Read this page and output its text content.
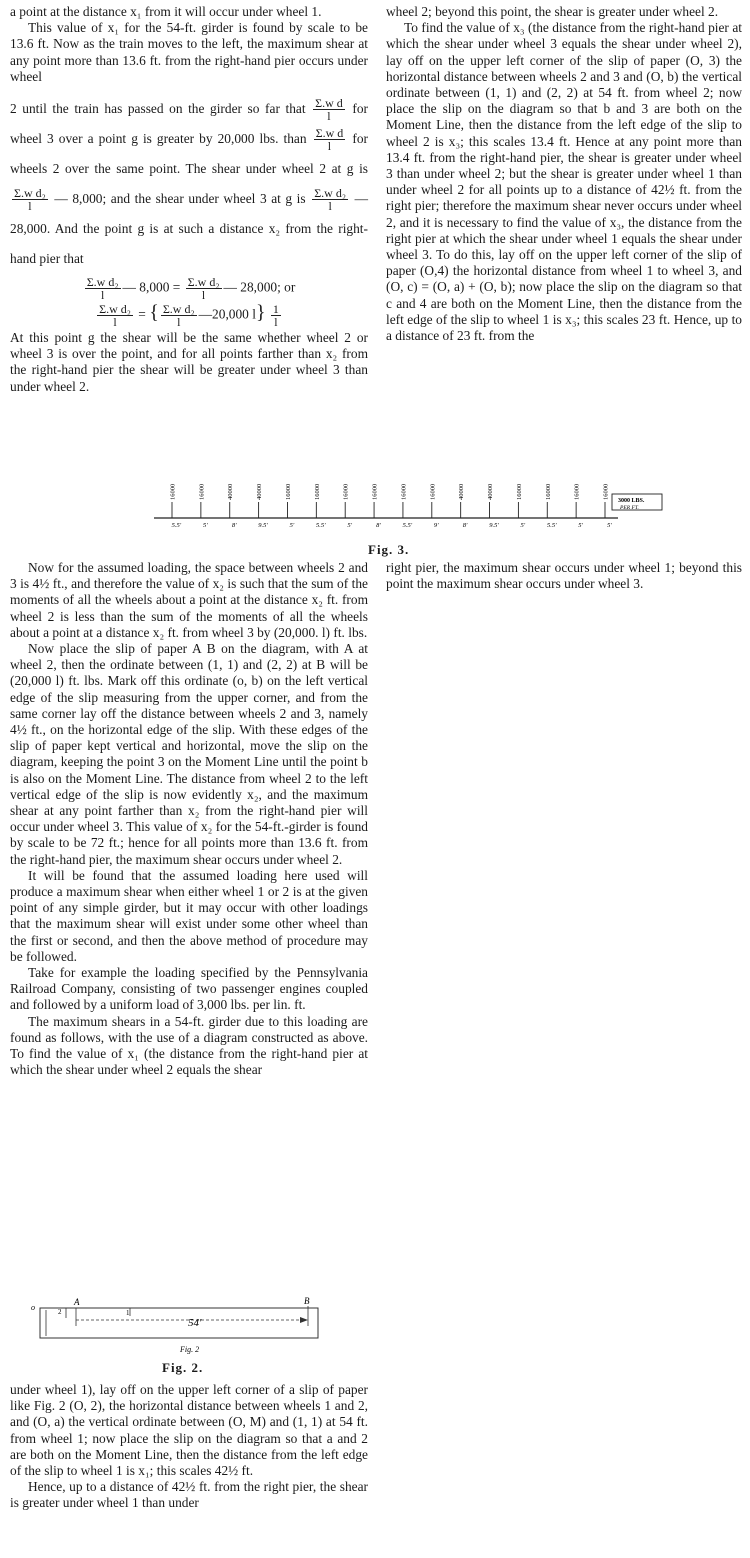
a point at the distance x₁ from it will occur under wheel 1.

This value of x₁ for the 54-ft. girder is found by scale to be 13.6 ft. Now as the train moves to the left, the maximum shear at any point more than 13.6 ft. from the right-hand pier occurs under wheel

2 until the train has passed on the girder so far that $\frac{\text{Σ.w d}}{l}$ for wheel 3 over a point g is greater by 20,000 lbs. than $\frac{\text{Σ.w d}}{l}$ for wheels 2 over the same point. The shear under wheel 2 at g is
$\frac{\text{Σ.w d₂}}{l}$ — 8,000; and the shear under wheel 3 at g is $\frac{\text{Σ.w d₂}}{l}$ — 28,000. And the point g is at such a distance x₂ from the right-hand pier that

$\frac{\text{Σ.w d₂}}{l}$ — $8,000 = \frac{\text{Σ.w d₂}}{l}$ — 28,000; or
$\frac{\text{Σ.w d₂}}{l}$ = { $\frac{\text{Σ.w d₂}}{l}$ —20,000 $l\} \frac{1}{l}$

At this point g the shear will be the same whether wheel 2 or wheel 3 is over the point, and for all points farther than x₂ from the right-hand pier the shear will be greater under wheel 3 than under wheel 2.

wheel 2; beyond this point, the shear is greater under wheel 2.

To find the value of x₃ (the distance from the right-hand pier at which the shear under wheel 3 equals the shear under wheel 2), lay off on the upper left corner of the slip of paper (O, 3) the horizontal distance between wheels 2 and 3 and (O, b) the vertical ordinate between (1, 1) and (2, 2) at 54 ft. from wheel 2; now place the slip on the diagram so that b and 3 are both on the Moment Line, then the distance from the left edge of the slip to wheel 2 is x₃; this scales 13.4 ft. Hence at any point more than 13.4 ft. from the right-hand pier, the shear is greater under wheel 3 than under wheel 2; but the shear is greater under wheel 1 than under wheel 2 for all points up to a distance of 42½ ft. from the right pier; therefore the maximum shear never occurs under wheel 2, and it is necessary to find the value of x₃, the distance from the right pier at which the shear under wheel 1 equals the shear under wheel 3. To do this, lay off on the upper left corner of the slip of paper (O,4) the horizontal distance from wheel 1 to wheel 3, and (O, c) = (O, a) + (O, b); now place the slip on the diagram so that c and 4 are both on the Moment Line, then the distance from the left edge of the slip to wheel 1 is x₃; this scales 23 ft. Hence, up to a distance of 23 ft. from the

16000	16000	40000	40000	16000	16000	16000	16000	16000	16000	40000	40000	16000	16000	16000	16000
5.5'	5'	8'	9.5'	5'	5.5'	5'	8'	5.5'	9'	8'	9.5'	5'	5.5'	5'	5'
3000 LBS.
PER FT.
Fig. 3.

Now for the assumed loading, the space between wheels 2 and 3 is 4½ ft., and therefore the value of x₂ is such that the sum of the moments of all the wheels about a point at the distance x₂ ft. from wheel 2 is less than the sum of the moments of all the wheels about a point at a distance x₂ ft. from wheel 3 by (20,000. l) ft. lbs.

Now place the slip of paper A B on the diagram, with A at wheel 2, then the ordinate between (1, 1) and (2, 2) at B will be (20,000 l) ft. lbs. Mark off this ordinate (o, b) on the left vertical edge of the slip measuring from the upper corner, and from the same corner lay off the distance between wheels 2 and 3, namely 4½ ft., on the horizontal edge of the slip. With these edges of the slip of paper kept vertical and horizontal, move the slip on the diagram, keeping the point 3 on the Moment Line until the point b is also on the Moment Line. The distance from wheel 2 to the left vertical edge of the slip is now evidently x₂, and the maximum shear at any point farther than x₂ from the right-hand pier will occur under wheel 3. This value of x₂ for the 54-ft.-girder is found by scale to be 72 ft.; hence for all points more than 13.6 ft. from the right-hand pier, the maximum shear occurs under wheel 2.

It will be found that the assumed loading here used will produce a maximum shear when either wheel 1 or 2 is at the given point of any simple girder, but it may occur with other loadings that the maximum shear will exist under some other wheel than the first or second, and then the above method of procedure may be followed.

Take for example the loading specified by the Pennsylvania Railroad Company, consisting of two passenger engines coupled and followed by a uniform load of 3,000 lbs. per lin. ft.

The maximum shears in a 54-ft. girder due to this loading are found as follows, with the use of a diagram constructed as above. To find the value of x₁ (the distance from the right-hand pier at which the shear under wheel 2 equals the shear

right pier, the maximum shear occurs under wheel 1; beyond this point the maximum shear occurs under wheel 3.

o	2
A
1
54'
B
Fig. 2
Fig. 2.

under wheel 1), lay off on the upper left corner of a slip of paper like Fig. 2 (O, 2), the horizontal distance between wheels 1 and 2, and (O, a) the vertical ordinate between (O, M) and (1, 1) at 54 ft. from wheel 1; now place the slip on the diagram so that a and 2 are both on the Moment Line, then the distance from the left edge of the slip to wheel 1 is x₁; this scales 42½ ft.

Hence, up to a distance of 42½ ft. from the right pier, the shear is greater under wheel 1 than under
